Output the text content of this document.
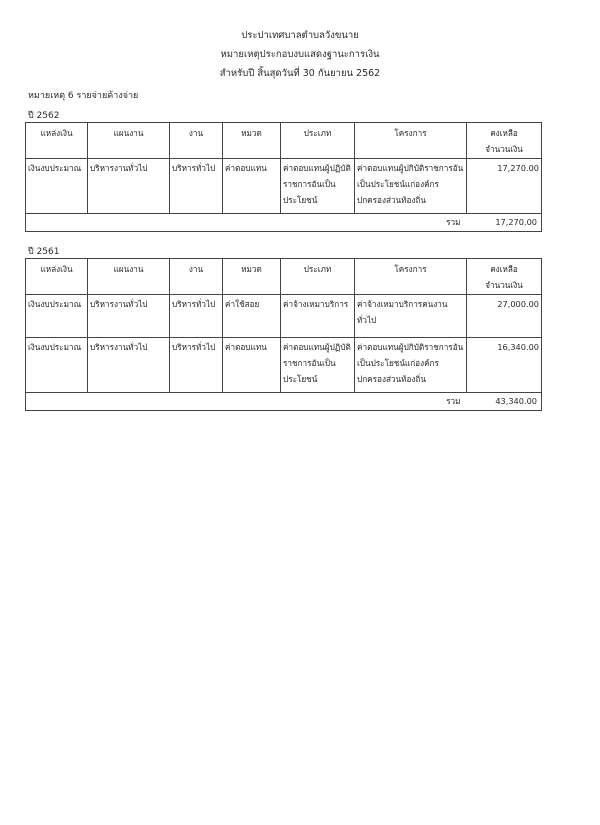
ประปาเทศบาลตำบลวังขนาย
หมายเหตุประกอบงบแสดงฐานะการเงิน
สำหรับปี สิ้นสุดวันที่ 30 กันยายน 2562
หมายเหตุ 6 รายจ่ายค้างจ่าย
ปี 2562
แหล่งเงิน	แผนงาน	งาน	หมวด	ประเภท	โครงการ	คงเหลือ
จำนวนเงิน

เงินงบประมาณ	บริหารงานทั่วไป	บริหารทั่วไป	ค่าตอบแทน	ค่าตอบแทนผู้ปฏิบัติราชการอันเป็นประโยชน์	ค่าตอบแทนผู้ปกิบัติราชการอันเป็นประโยชน์แก่องค์กรปกครองส่วนท้องถิ่น	17,270.00
รวม						17,270.00
ปี 2561
แหล่งเงิน	แผนงาน	งาน	หมวด	ประเภท	โครงการ	คงเหลือ
จำนวนเงิน

เงินงบประมาณ	บริหารงานทั่วไป	บริหารทั่วไป	ค่าใช้สอย	ค่าจ้างเหมาบริการ	ค่าจ้างเหมาบริการคนงานทั่วไป	27,000.00
เงินงบประมาณ	บริหารงานทั่วไป	บริหารทั่วไป	ค่าตอบแทน	ค่าตอบแทนผู้ปฏิบัติราชการอันเป็นประโยชน์	ค่าตอบแทนผู้ปกิบัติราชการอันเป็นประโยชน์แก่องค์กรปกครองส่วนท้องถิ่น	16,340.00
รวม						43,340.00
